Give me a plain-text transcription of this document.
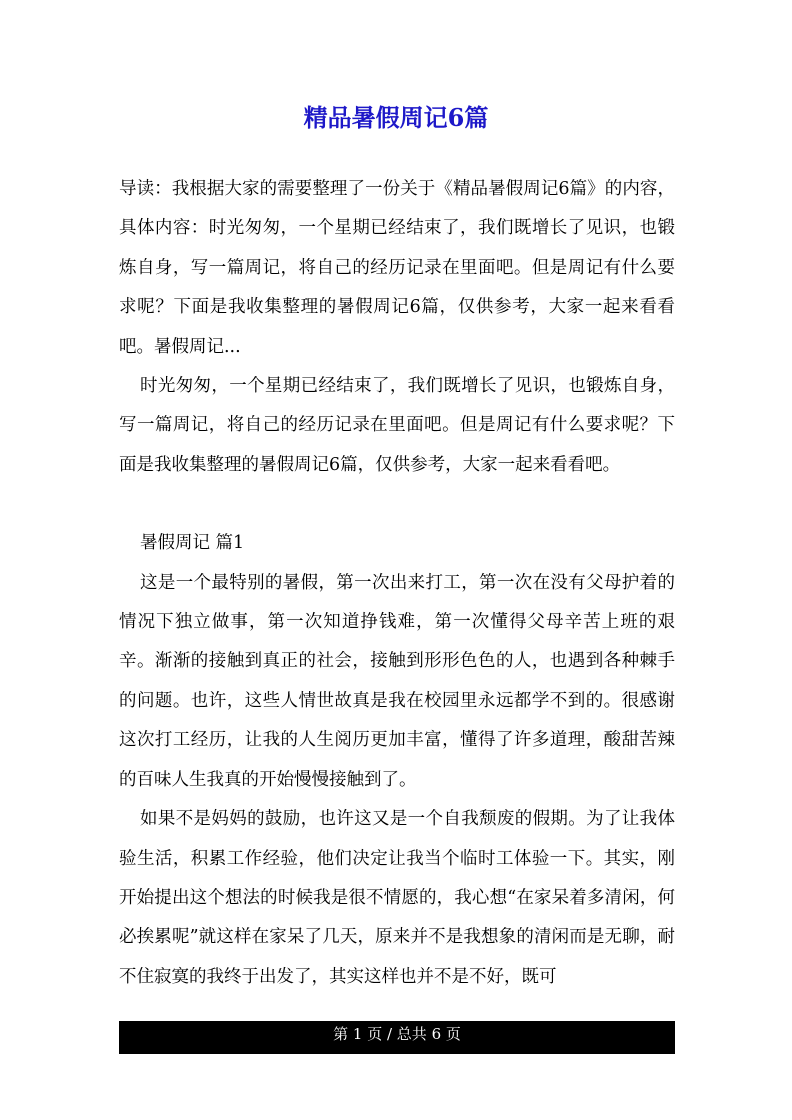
精品暑假周记6篇

导读：我根据大家的需要整理了一份关于《精品暑假周记6篇》的内容，具体内容：时光匆匆，一个星期已经结束了，我们既增长了见识，也锻炼自身，写一篇周记，将自己的经历记录在里面吧。但是周记有什么要求呢？下面是我收集整理的暑假周记6篇，仅供参考，大家一起来看看吧。暑假周记...

时光匆匆，一个星期已经结束了，我们既增长了见识，也锻炼自身，写一篇周记，将自己的经历记录在里面吧。但是周记有什么要求呢？下面是我收集整理的暑假周记6篇，仅供参考，大家一起来看看吧。

暑假周记 篇1

这是一个最特别的暑假，第一次出来打工，第一次在没有父母护着的情况下独立做事，第一次知道挣钱难，第一次懂得父母辛苦上班的艰辛。渐渐的接触到真正的社会，接触到形形色色的人，也遇到各种棘手的问题。也许，这些人情世故真是我在校园里永远都学不到的。很感谢这次打工经历，让我的人生阅历更加丰富，懂得了许多道理，酸甜苦辣的百味人生我真的开始慢慢接触到了。

如果不是妈妈的鼓励，也许这又是一个自我颓废的假期。为了让我体验生活，积累工作经验，他们决定让我当个临时工体验一下。其实，刚开始提出这个想法的时候我是很不情愿的，我心想“在家呆着多清闲，何必挨累呢”就这样在家呆了几天，原来并不是我想象的清闲而是无聊，耐不住寂寞的我终于出发了，其实这样也并不是不好，既可

第 1 页 / 总共 6 页
